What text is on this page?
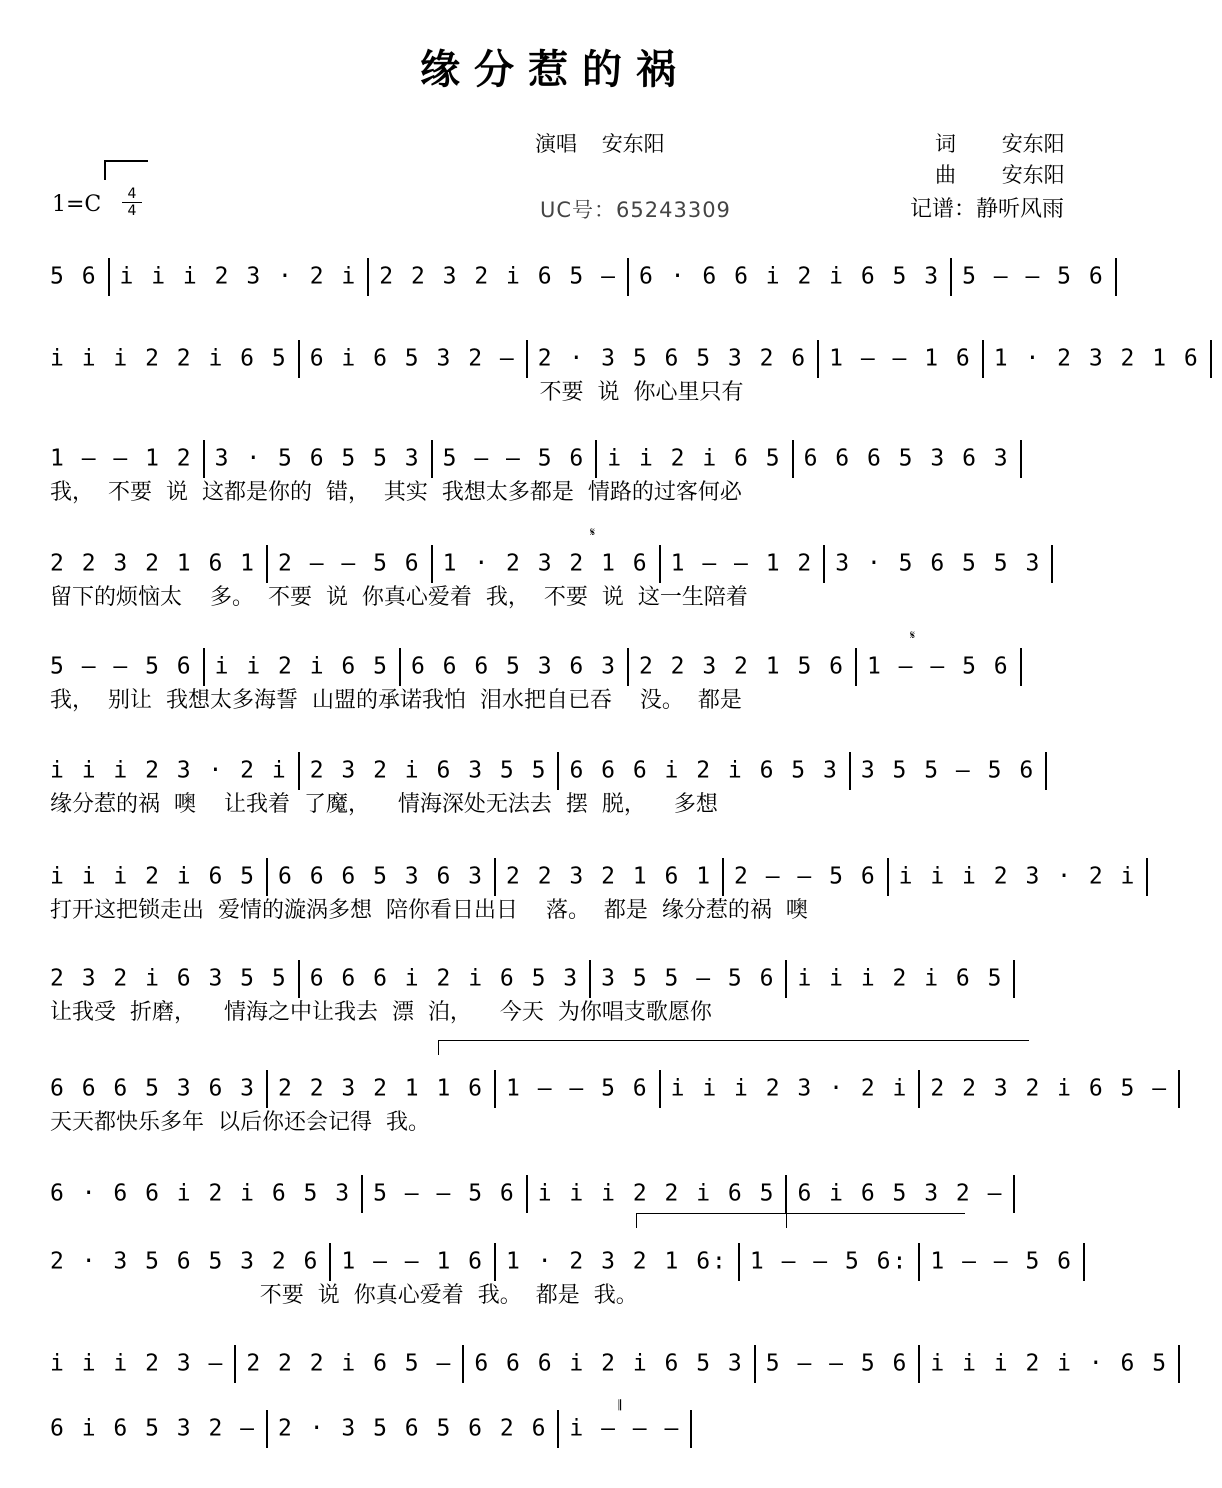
缘分惹的祸
演唱 安东阳	词 安东阳
曲 安东阳
$1=C \frac{4}{4}$	UC号：65243309	记谱：静听风雨
5 6 i i i 2 3 · 2 i 2 2 3 2 i 6 5 – 6 · 6 6 i 2 i 6 5 3 5 – – 5 6
i i i 2 2 i 6 5 6 i 6 5 3 2 – 2 · 3 5 6 5 3 2 6 1 – – 1 6 1 · 2 3 2 1 6
不要  说  你心里只有
1 – – 1 2 3 · 5 6 5 5 3 5 – – 5 6 i i 2 i 6 5 6 6 6 5 3 6 3
我，  不要  说  这都是你的  错，  其实  我想太多都是  情路的过客何必
2 2 3 2 1 6 1 2 – – 5 6 1 · 2 3 2 1 6 1 – – 1 2 3 · 5 6 5 5 3
留下的烦恼太    多。  不要  说  你真心爱着  我，  不要  说  这一生陪着
5 – – 5 6 i i 2 i 6 5 6 6 6 5 3 6 3 2 2 3 2 1 5 6 1 – – 5 6
我，  别让  我想太多海誓  山盟的承诺我怕  泪水把自已吞    没。  都是
i i i 2 3 · 2 i 2 3 2 i 6 3 5 5 6 6 6 i 2 i 6 5 3 3 5 5 – 5 6
缘分惹的祸  噢    让我着  了魔，    情海深处无法去  摆  脱，    多想
i i i 2 i 6 5 6 6 6 5 3 6 3 2 2 3 2 1 6 1 2 – – 5 6 i i i 2 3 · 2 i
打开这把锁走出  爱情的漩涡多想  陪你看日出日    落。  都是  缘分惹的祸  噢
2 3 2 i 6 3 5 5 6 6 6 i 2 i 6 5 3 3 5 5 – 5 6 i i i 2 i 6 5
让我受  折磨，    情海之中让我去  漂  泊，    今天  为你唱支歌愿你
6 6 6 5 3 6 3 2 2 3 2 1 1 6 1 – – 5 6 i i i 2 3 · 2 i 2 2 3 2 i 6 5 –
天天都快乐多年  以后你还会记得  我。
6 · 6 6 i 2 i 6 5 3 5 – – 5 6 i i i 2 2 i 6 5 6 i 6 5 3 2 –
2 · 3 5 6 5 3 2 6 1 – – 1 6 1 · 2 3 2 1 6: 1 – – 5 6: 1 – – 5 6
不要  说  你真心爱着  我。  都是  我。
i i i 2 3 – 2 2 2 i 6 5 – 6 6 6 i 2 i 6 5 3 5 – – 5 6 i i i 2 i · 6 5
6 i 6 5 3 2 – 2 · 3 5 6 5 6 2 6 i – – –
𝄋
𝄋
𝄂
